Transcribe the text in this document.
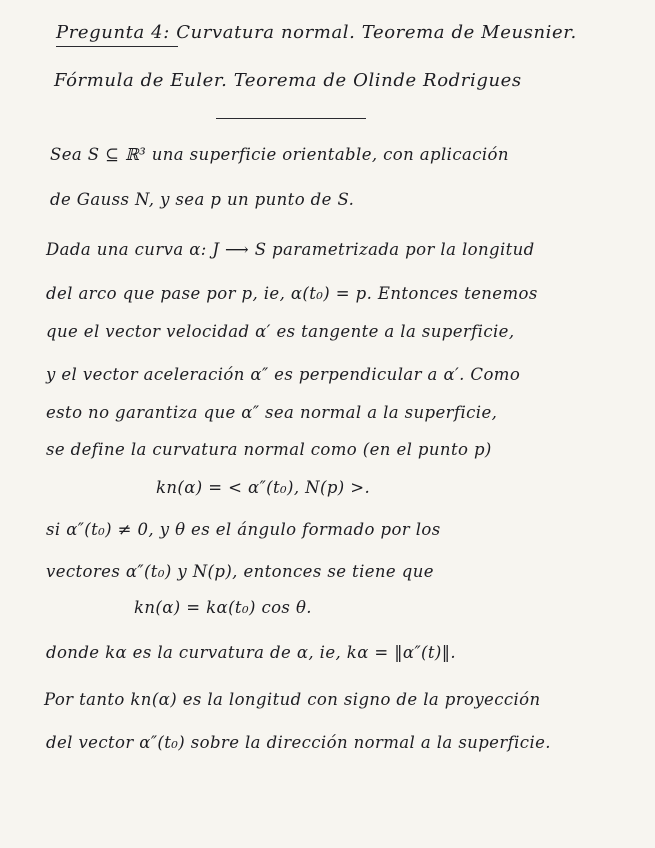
Pregunta 4: Curvatura normal. Teorema de Meusnier.
Fórmula de Euler. Teorema de Olinde Rodrigues
Sea S ⊆ ℝ³ una superficie orientable, con aplicación
de Gauss N, y sea p un punto de S.
Dada una curva α: J ⟶ S parametrizada por la longitud
del arco que pase por p, ie, α(t₀) = p. Entonces tenemos
que el vector velocidad α′ es tangente a la superficie,
y el vector aceleración α″ es perpendicular a α′. Como
esto no garantiza que α″ sea normal a la superficie,
se define la curvatura normal como (en el punto p)
kn(α) = < α″(t₀), N(p) >.
si α″(t₀) ≠ 0, y θ es el ángulo formado por los
vectores α″(t₀) y N(p), entonces se tiene que
kn(α) = kα(t₀) cos θ.
donde kα es la curvatura de α, ie, kα = ‖α″(t)‖.
Por tanto kn(α) es la longitud con signo de la proyección
del vector α″(t₀) sobre la dirección normal a la superficie.
